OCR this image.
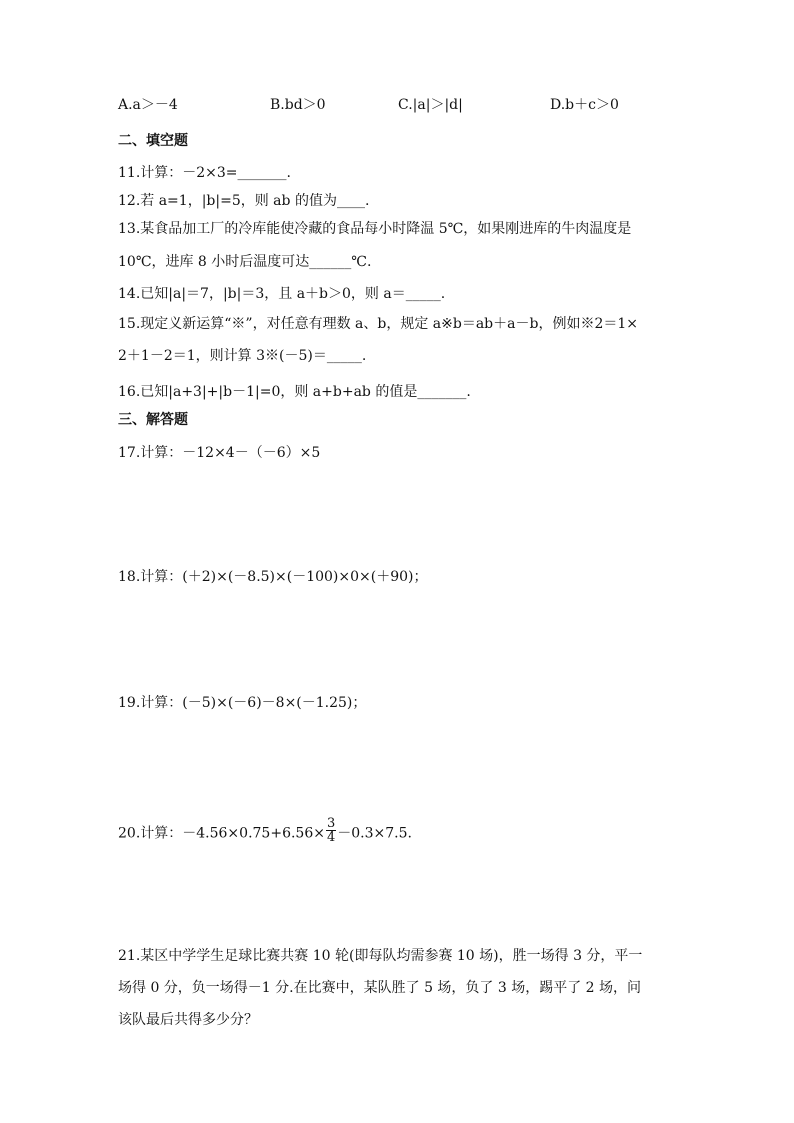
A.a＞－4	B.bd＞0	C.|a|＞|d|	D.b＋c＞0
二、填空题
11.计算：－2×3=_______.
12.若 a=1，|b|=5，则 ab 的值为____.
13.某食品加工厂的冷库能使冷藏的食品每小时降温 5℃，如果刚进库的牛肉温度是
10℃，进库 8 小时后温度可达______℃.
14.已知|a|＝7，|b|＝3，且 a＋b＞0，则 a＝_____.
15.现定义新运算“※”，对任意有理数 a、b，规定 a※b＝ab＋a－b，例如※2＝1×
2＋1－2＝1，则计算 3※(－5)＝_____.
16.已知|a+3|+|b－1|=0，则 a+b+ab 的值是_______.
三、解答题
17.计算：－12×4－（－6）×5
18.计算：(＋2)×(－8.5)×(－100)×0×(＋90)；
19.计算：(－5)×(－6)－8×(－1.25)；
20.计算：$-4.56\times 0.75+6.56\times \frac{3}{4} -0.3\times 7.5$.
21.某区中学学生足球比赛共赛 10 轮(即每队均需参赛 10 场)，胜一场得 3 分，平一
场得 0 分，负一场得－1 分.在比赛中，某队胜了 5 场，负了 3 场，踢平了 2 场，问
该队最后共得多少分？
